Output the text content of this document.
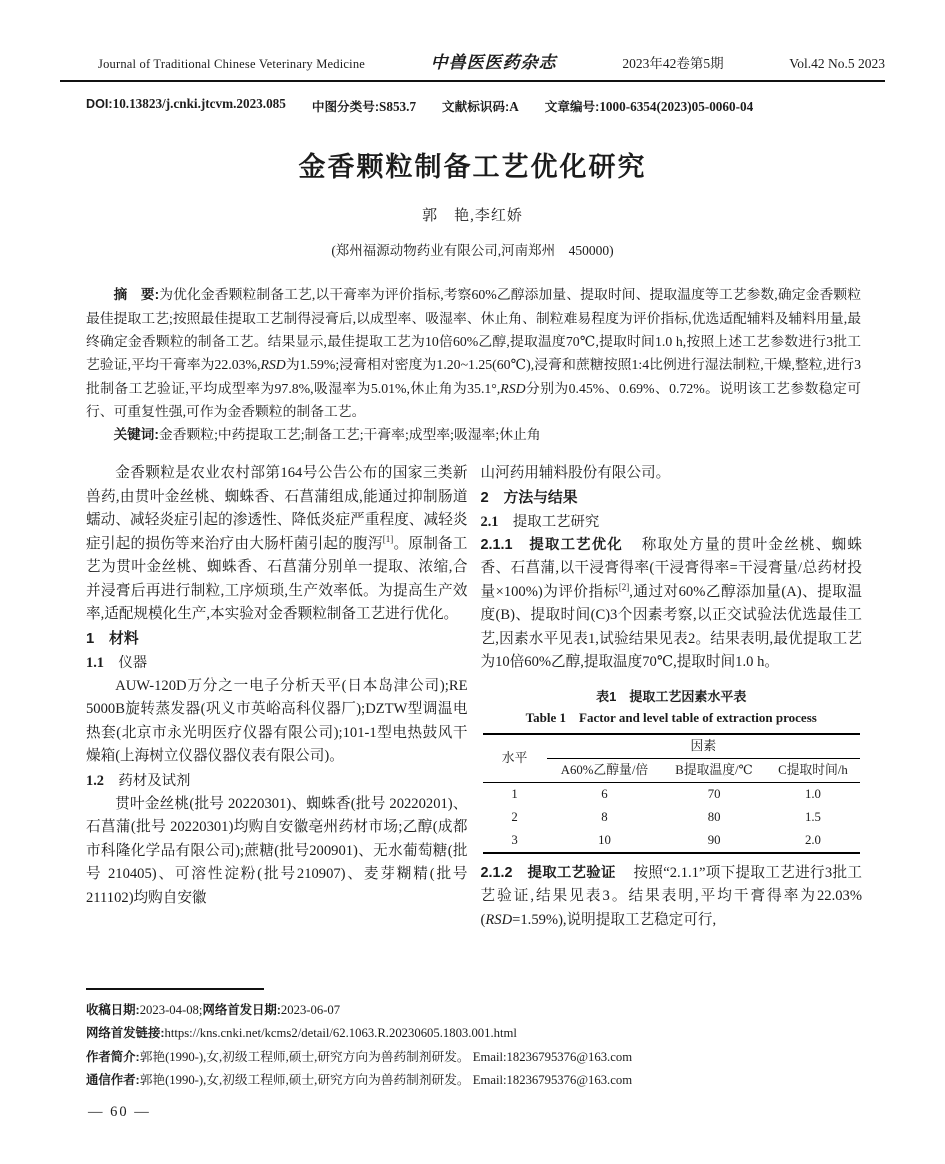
Journal of Traditional Chinese Veterinary Medicine	中兽医医药杂志	2023年42卷第5期	Vol.42 No.5 2023
DOI:10.13823/j.cnki.jtcvm.2023.085 中图分类号:S853.7 文献标识码:A 文章编号:1000-6354(2023)05-0060-04
金香颗粒制备工艺优化研究
郭　艳,李红娇
(郑州福源动物药业有限公司,河南郑州　450000)

摘　要:为优化金香颗粒制备工艺,以干膏率为评价指标,考察60%乙醇添加量、提取时间、提取温度等工艺参数,确定金香颗粒最佳提取工艺;按照最佳提取工艺制得浸膏后,以成型率、吸湿率、休止角、制粒难易程度为评价指标,优选适配辅料及辅料用量,最终确定金香颗粒的制备工艺。结果显示,最佳提取工艺为10倍60%乙醇,提取温度70℃,提取时间1.0 h,按照上述工艺参数进行3批工艺验证,平均干膏率为22.03%,RSD为1.59%;浸膏相对密度为1.20~1.25(60℃),浸膏和蔗糖按照1:4比例进行湿法制粒,干燥,整粒,进行3批制备工艺验证,平均成型率为97.8%,吸湿率为5.01%,休止角为35.1°,RSD分别为0.45%、0.69%、0.72%。说明该工艺参数稳定可行、可重复性强,可作为金香颗粒的制备工艺。

关键词:金香颗粒;中药提取工艺;制备工艺;干膏率;成型率;吸湿率;休止角

金香颗粒是农业农村部第164号公告公布的国家三类新兽药,由贯叶金丝桃、蜘蛛香、石菖蒲组成,能通过抑制肠道蠕动、减轻炎症引起的渗透性、降低炎症严重程度、减轻炎症引起的损伤等来治疗由大肠杆菌引起的腹泻[1]。原制备工艺为贯叶金丝桃、蜘蛛香、石菖蒲分别单一提取、浓缩,合并浸膏后再进行制粒,工序烦琐,生产效率低。为提高生产效率,适配规模化生产,本实验对金香颗粒制备工艺进行优化。

1　材料

1.1　 仪器

AUW-120D万分之一电子分析天平(日本岛津公司);RE 5000B旋转蒸发器(巩义市英峪高科仪器厂);DZTW型调温电热套(北京市永光明医疗仪器有限公司);101-1型电热鼓风干燥箱(上海树立仪器仪器仪表有限公司)。

1.2　 药材及试剂

贯叶金丝桃(批号 20220301)、蜘蛛香(批号 20220201)、石菖蒲(批号 20220301)均购自安徽亳州药材市场;乙醇(成都市科隆化学品有限公司);蔗糖(批号200901)、无水葡萄糖(批号 210405)、可溶性淀粉(批号210907)、麦芽糊精(批号211102)均购自安徽

山河药用辅料股份有限公司。

2　方法与结果

2.1　 提取工艺研究

2.1.1　提取工艺优化 称取处方量的贯叶金丝桃、蜘蛛香、石菖蒲,以干浸膏得率(干浸膏得率=干浸膏量/总药材投量×100%)为评价指标[2],通过对60%乙醇添加量(A)、提取温度(B)、提取时间(C)3个因素考察,以正交试验法优选最佳工艺,因素水平见表1,试验结果见表2。结果表明,最优提取工艺为10倍60%乙醇,提取温度70℃,提取时间1.0 h。

表1　提取工艺因素水平表
Table 1　Factor and level table of extraction process
水平	因素		
	A60%乙醇量/倍	B提取温度/℃	C提取时间/h
1	6	70	1.0
2	8	80	1.5
3	10	90	2.0

2.1.2　提取工艺验证 按照“2.1.1”项下提取工艺进行3批工艺验证,结果见表3。结果表明,平均干膏得率为22.03%(RSD=1.59%),说明提取工艺稳定可行,

收稿日期:2023-04-08;网络首发日期:2023-06-07

网络首发链接:https://kns.cnki.net/kcms2/detail/62.1063.R.20230605.1803.001.html

作者简介:郭艳(1990-),女,初级工程师,硕士,研究方向为兽药制剂研发。 Email:18236795376@163.com

通信作者:郭艳(1990-),女,初级工程师,硕士,研究方向为兽药制剂研发。 Email:18236795376@163.com

— 60 —
